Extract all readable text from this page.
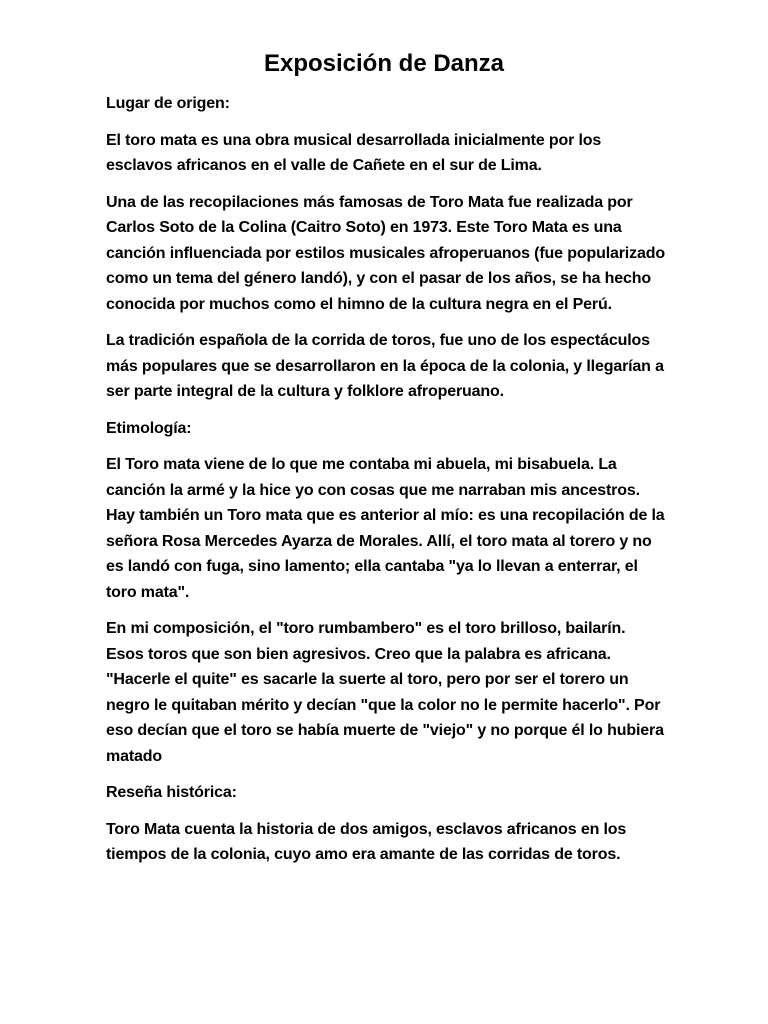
Exposición de Danza

Lugar de origen:

El toro mata es una obra musical desarrollada inicialmente por los esclavos africanos en el valle de Cañete en el sur de Lima.

Una de las recopilaciones más famosas de Toro Mata fue realizada por Carlos Soto de la Colina (Caitro Soto) en 1973. Este Toro Mata es una canción influenciada por estilos musicales afroperuanos (fue popularizado como un tema del género landó), y con el pasar de los años, se ha hecho conocida por muchos como el himno de la cultura negra en el Perú.

La tradición española de la corrida de toros, fue uno de los espectáculos más populares que se desarrollaron en la época de la colonia, y llegarían a ser parte integral de la cultura y folklore afroperuano.

Etimología:

El Toro mata viene de lo que me contaba mi abuela, mi bisabuela. La canción la armé y la hice yo con cosas que me narraban mis ancestros. Hay también un Toro mata que es anterior al mío: es una recopilación de la señora Rosa Mercedes Ayarza de Morales. Allí, el toro mata al torero y no es landó con fuga, sino lamento; ella cantaba "ya lo llevan a enterrar, el toro mata".

En mi composición, el "toro rumbambero" es el toro brilloso, bailarín. Esos toros que son bien agresivos. Creo que la palabra es africana. "Hacerle el quite" es sacarle la suerte al toro, pero por ser el torero un negro le quitaban mérito y decían "que la color no le permite hacerlo". Por eso decían que el toro se había muerte de "viejo" y no porque él lo hubiera matado

Reseña histórica:

Toro Mata cuenta la historia de dos amigos, esclavos africanos en los tiempos de la colonia, cuyo amo era amante de las corridas de toros.
